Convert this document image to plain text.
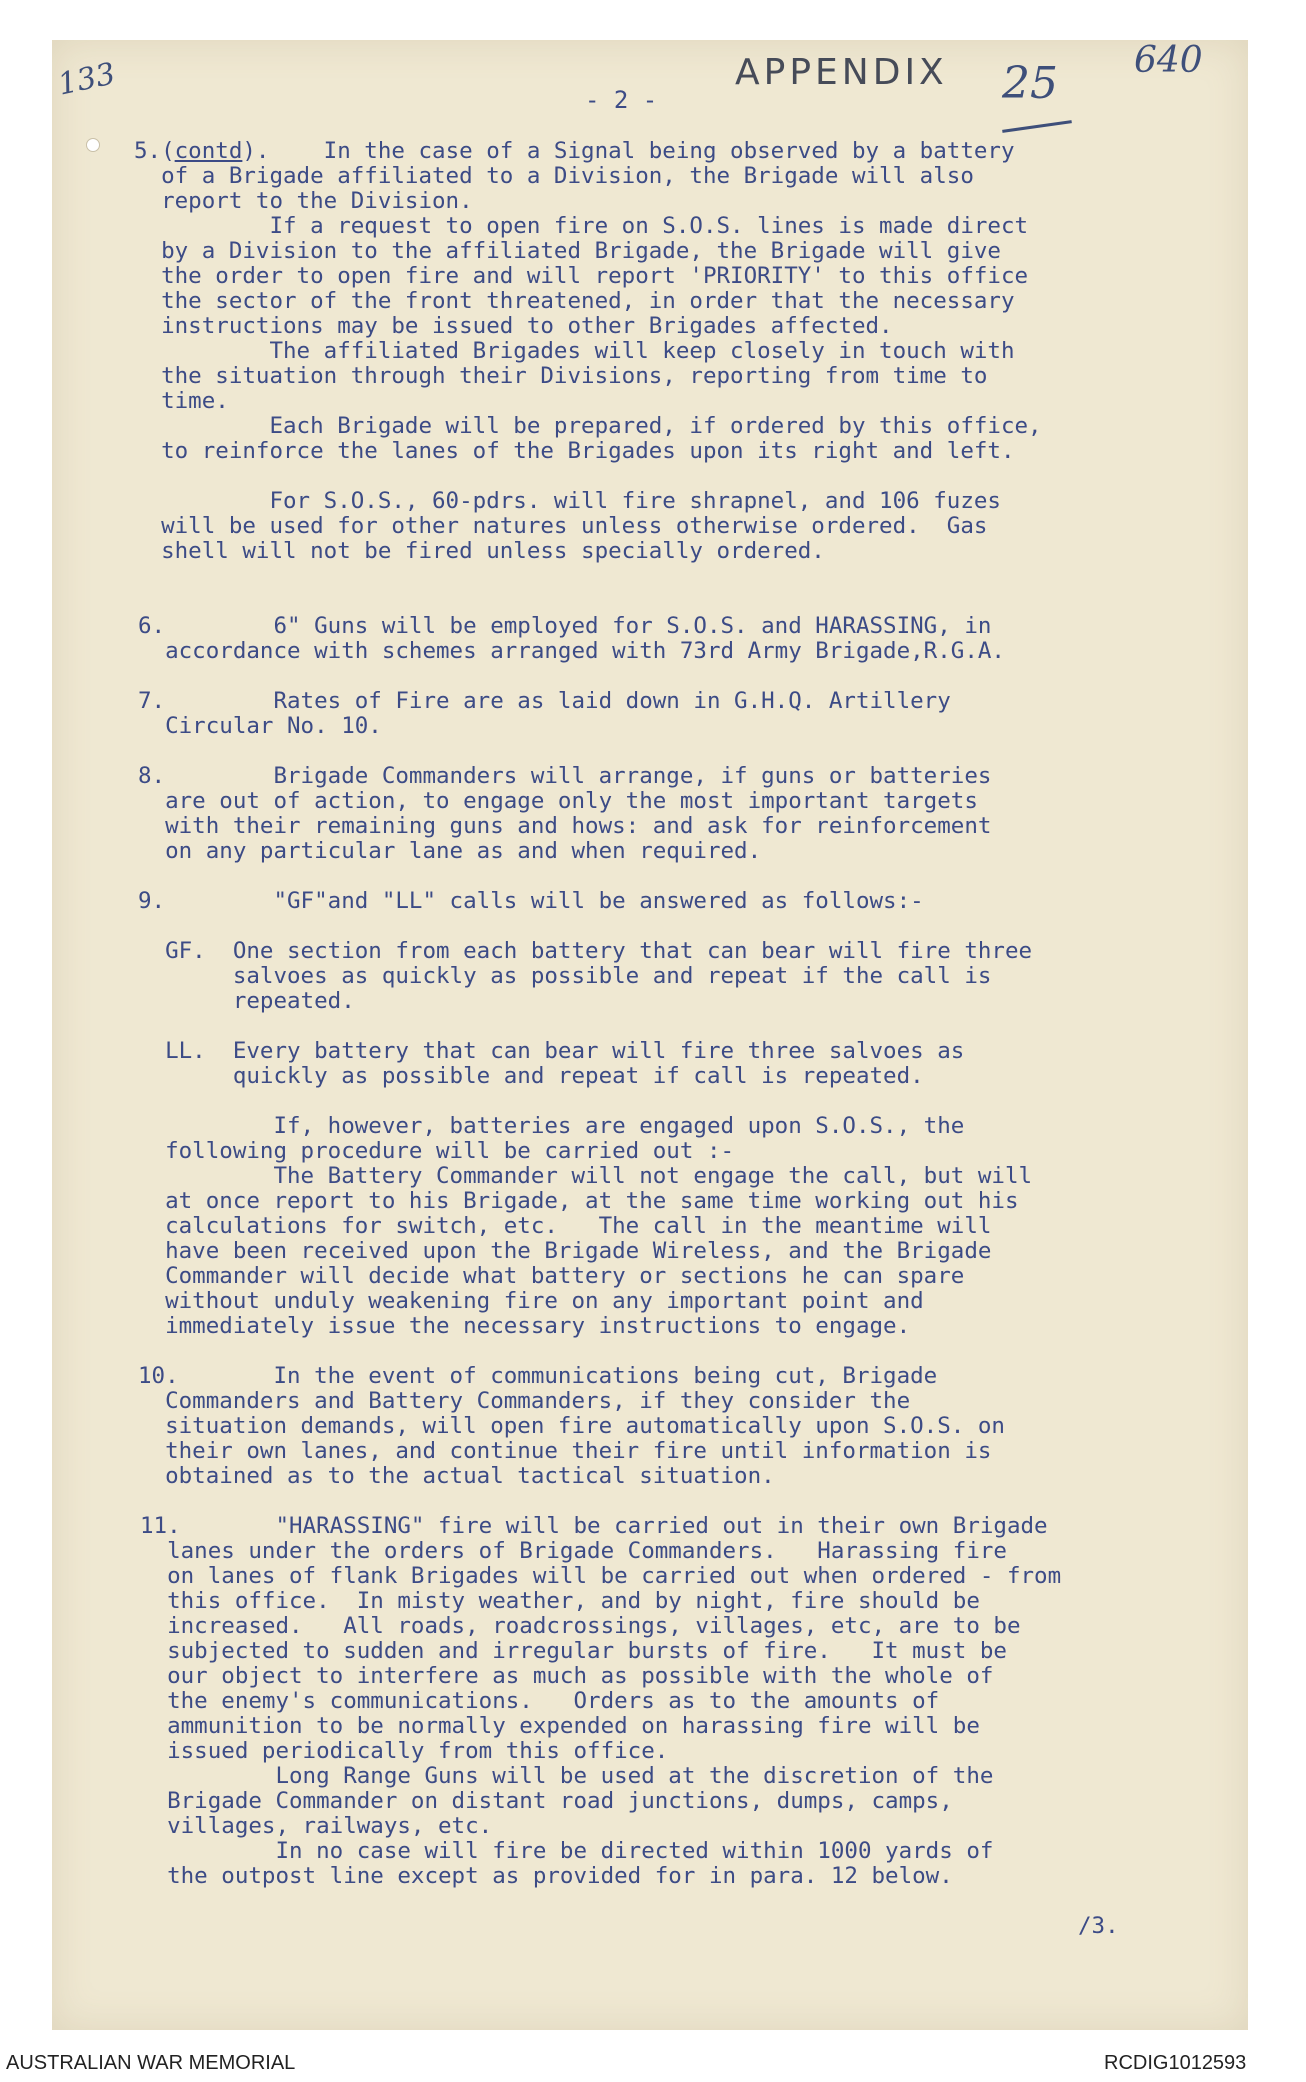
133	APPENDIX 25 640
- 2 -
5.(contd).    In the case of a Signal being observed by a battery
of a Brigade affiliated to a Division, the Brigade will also
report to the Division.
If a request to open fire on S.O.S. lines is made direct
by a Division to the affiliated Brigade, the Brigade will give
the order to open fire and will report 'PRIORITY' to this office
the sector of the front threatened, in order that the necessary
instructions may be issued to other Brigades affected.
The affiliated Brigades will keep closely in touch with
the situation through their Divisions, reporting from time to
time.
Each Brigade will be prepared, if ordered by this office,
to reinforce the lanes of the Brigades upon its right and left.
For S.O.S., 60-pdrs. will fire shrapnel, and 106 fuzes
will be used for other natures unless otherwise ordered.  Gas
shell will not be fired unless specially ordered.
6.        6" Guns will be employed for S.O.S. and HARASSING, in
accordance with schemes arranged with 73rd Army Brigade,R.G.A.
7.        Rates of Fire are as laid down in G.H.Q. Artillery
Circular No. 10.
8.        Brigade Commanders will arrange, if guns or batteries
are out of action, to engage only the most important targets
with their remaining guns and hows: and ask for reinforcement
on any particular lane as and when required.
9.        "GF"and "LL" calls will be answered as follows:-
GF.  One section from each battery that can bear will fire three
salvoes as quickly as possible and repeat if the call is
repeated.
LL.  Every battery that can bear will fire three salvoes as
quickly as possible and repeat if call is repeated.
If, however, batteries are engaged upon S.O.S., the
following procedure will be carried out :-
The Battery Commander will not engage the call, but will
at once report to his Brigade, at the same time working out his
calculations for switch, etc.   The call in the meantime will
have been received upon the Brigade Wireless, and the Brigade
Commander will decide what battery or sections he can spare
without unduly weakening fire on any important point and
immediately issue the necessary instructions to engage.
10.       In the event of communications being cut, Brigade
Commanders and Battery Commanders, if they consider the
situation demands, will open fire automatically upon S.O.S. on
their own lanes, and continue their fire until information is
obtained as to the actual tactical situation.
11.       "HARASSING" fire will be carried out in their own Brigade
lanes under the orders of Brigade Commanders.   Harassing fire
on lanes of flank Brigades will be carried out when ordered - from
this office.  In misty weather, and by night, fire should be
increased.   All roads, roadcrossings, villages, etc, are to be
subjected to sudden and irregular bursts of fire.   It must be
our object to interfere as much as possible with the whole of
the enemy's communications.   Orders as to the amounts of
ammunition to be normally expended on harassing fire will be
issued periodically from this office.
Long Range Guns will be used at the discretion of the
Brigade Commander on distant road junctions, dumps, camps,
villages, railways, etc.
In no case will fire be directed within 1000 yards of
the outpost line except as provided for in para. 12 below.
/3.
AUSTRALIAN WAR MEMORIAL	RCDIG1012593
